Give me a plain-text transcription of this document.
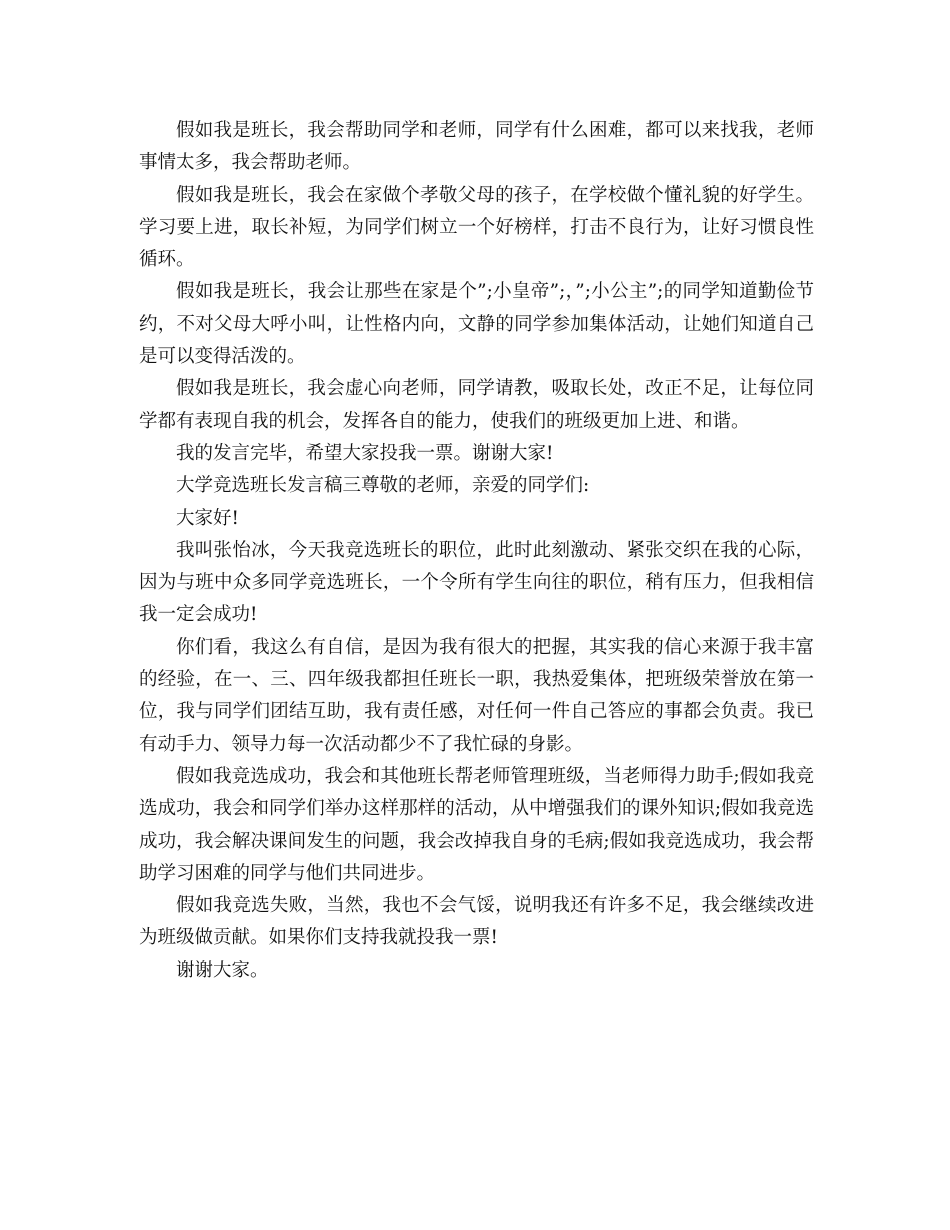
假如我是班长，我会帮助同学和老师，同学有什么困难，都可以来找我，老师事情太多，我会帮助老师。

假如我是班长，我会在家做个孝敬父母的孩子，在学校做个懂礼貌的好学生。学习要上进，取长补短，为同学们树立一个好榜样，打击不良行为，让好习惯良性循环。

假如我是班长，我会让那些在家是个”;小皇帝”;，”;小公主”;的同学知道勤俭节约，不对父母大呼小叫，让性格内向，文静的同学参加集体活动，让她们知道自己是可以变得活泼的。

假如我是班长，我会虚心向老师，同学请教，吸取长处，改正不足，让每位同学都有表现自我的机会，发挥各自的能力，使我们的班级更加上进、和谐。

我的发言完毕，希望大家投我一票。谢谢大家!

大学竞选班长发言稿三尊敬的老师，亲爱的同学们:

大家好!

我叫张怡冰，今天我竞选班长的职位，此时此刻激动、紧张交织在我的心际，因为与班中众多同学竞选班长，一个令所有学生向往的职位，稍有压力，但我相信我一定会成功!

你们看，我这么有自信，是因为我有很大的把握，其实我的信心来源于我丰富的经验，在一、三、四年级我都担任班长一职，我热爱集体，把班级荣誉放在第一位，我与同学们团结互助，我有责任感，对任何一件自己答应的事都会负责。我已有动手力、领导力每一次活动都少不了我忙碌的身影。

假如我竞选成功，我会和其他班长帮老师管理班级，当老师得力助手;假如我竞选成功，我会和同学们举办这样那样的活动，从中增强我们的课外知识;假如我竞选成功，我会解决课间发生的问题，我会改掉我自身的毛病;假如我竞选成功，我会帮助学习困难的同学与他们共同进步。

假如我竞选失败，当然，我也不会气馁，说明我还有许多不足，我会继续改进为班级做贡献。如果你们支持我就投我一票!

谢谢大家。
